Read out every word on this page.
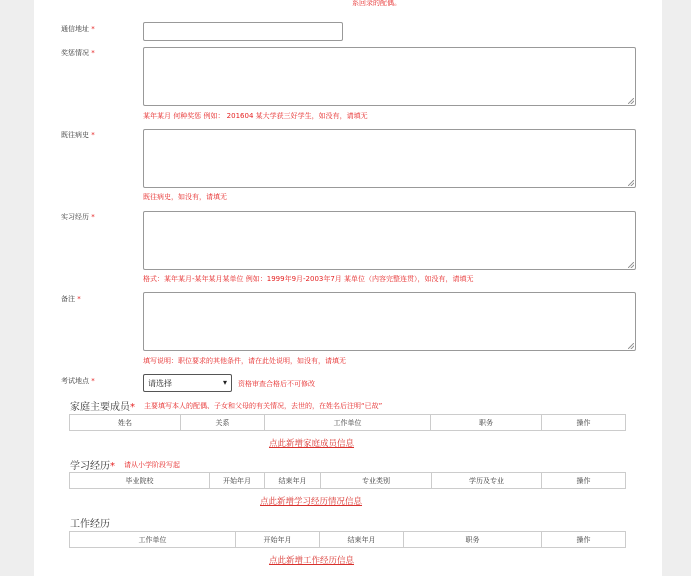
系回录的配偶。
通信地址 *
奖惩情况 *
某年某月 何种奖惩 例如： 201604 某大学获三好学生，如没有，请填无
既往病史 *
既往病史，如没有，请填无
实习经历 *
格式：某年某月-某年某月某单位 例如：1999年9月-2003年7月 某单位（内容完整连贯），如没有，请填无
备注 *
填写说明：职位要求的其他条件，请在此处说明，如没有，请填无
考试地点 *	请选择	▾ 资格审查合格后不可修改
家庭主要成员* 主要填写本人的配偶、子女和父母的有关情况，去世的，在姓名后注明“已故”
姓名	关系	工作单位	职务	操作
点此新增家庭成员信息
学习经历* 请从小学阶段写起
毕业院校	开始年月	结束年月	专业类别	学历及专业	操作
点此新增学习经历情况信息
工作经历
工作单位	开始年月	结束年月	职务	操作
点此新增工作经历信息
